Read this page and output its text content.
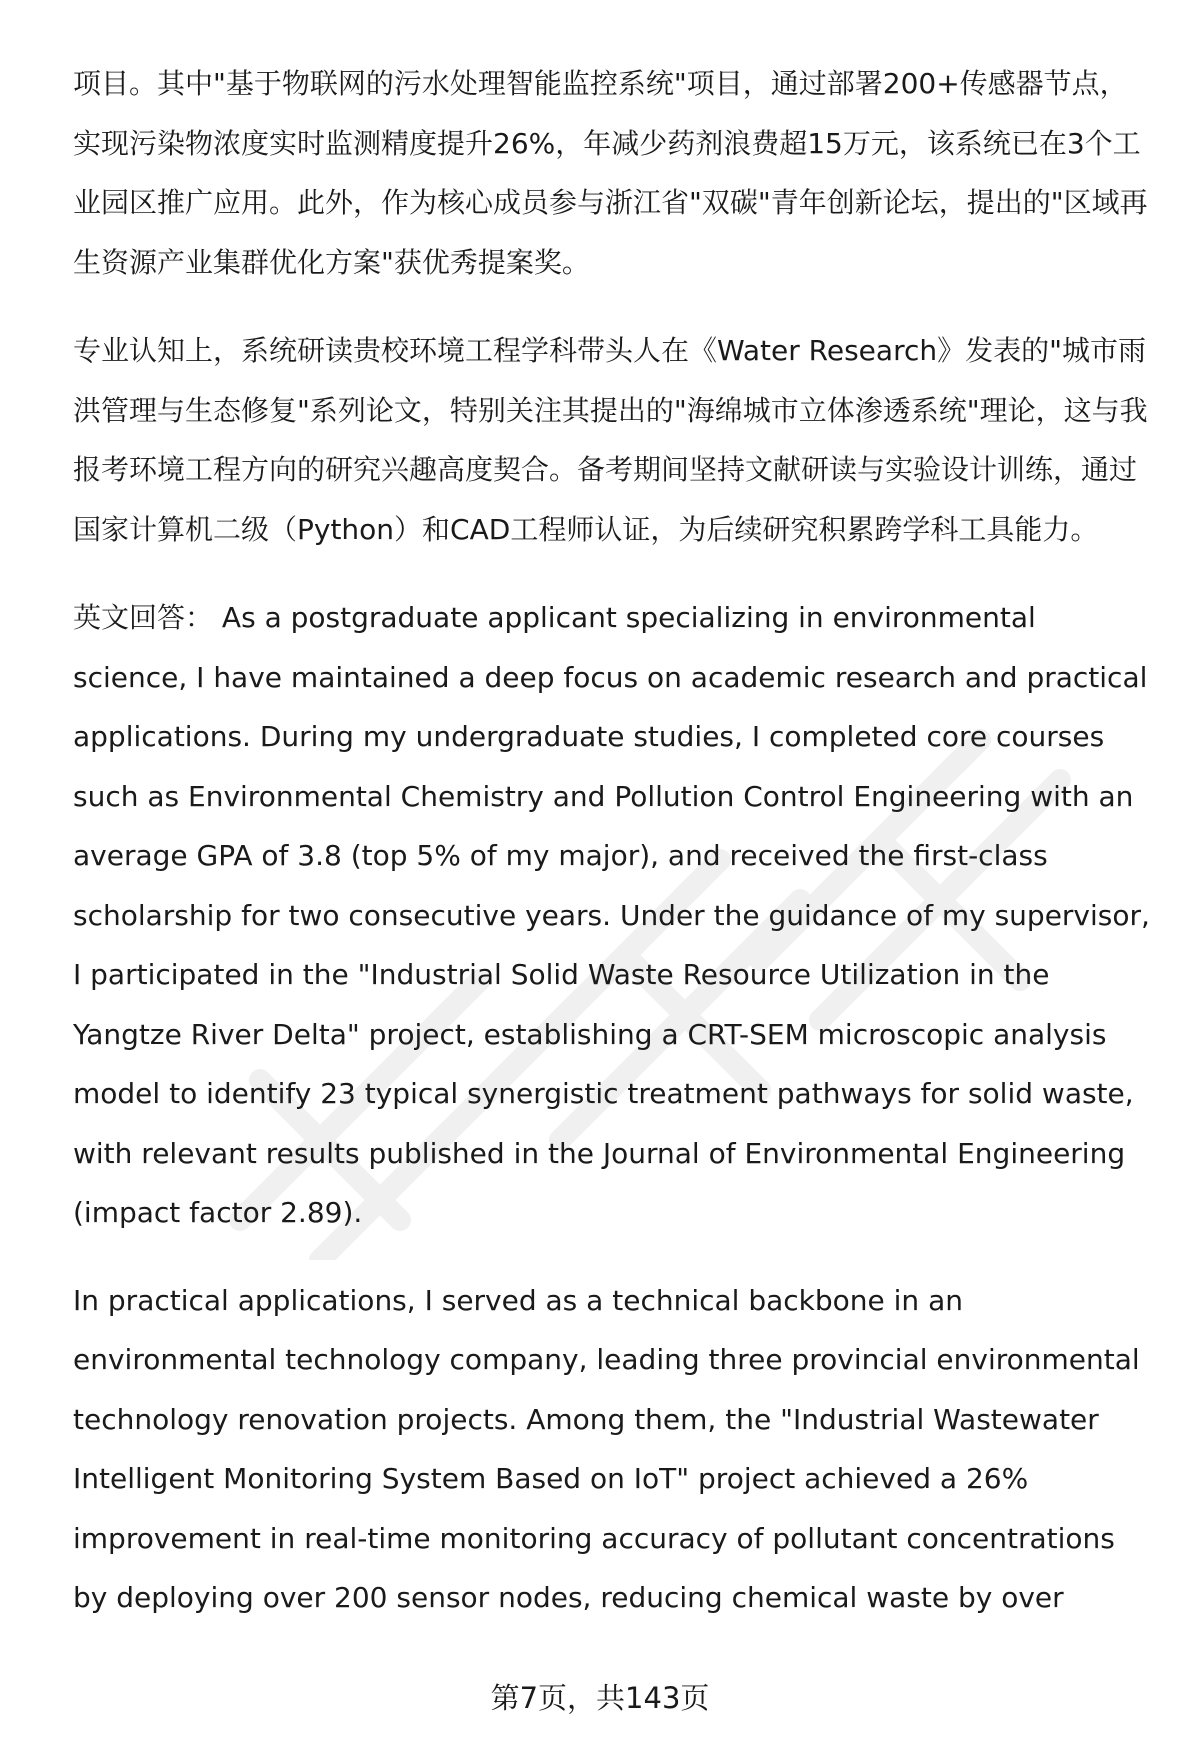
项目。其中"基于物联网的污水处理智能监控系统"项目，通过部署200+传感器节点，实现污染物浓度实时监测精度提升26%，年减少药剂浪费超15万元，该系统已在3个工业园区推广应用。此外，作为核心成员参与浙江省"双碳"青年创新论坛，提出的"区域再生资源产业集群优化方案"获优秀提案奖。

专业认知上，系统研读贵校环境工程学科带头人在《Water Research》发表的"城市雨洪管理与生态修复"系列论文，特别关注其提出的"海绵城市立体渗透系统"理论，这与我报考环境工程方向的研究兴趣高度契合。备考期间坚持文献研读与实验设计训练，通过国家计算机二级（Python）和CAD工程师认证，为后续研究积累跨学科工具能力。

英文回答： As a postgraduate applicant specializing in environmental science, I have maintained a deep focus on academic research and practical applications. During my undergraduate studies, I completed core courses such as Environmental Chemistry and Pollution Control Engineering with an average GPA of 3.8 (top 5% of my major), and received the first-class scholarship for two consecutive years. Under the guidance of my supervisor, I participated in the "Industrial Solid Waste Resource Utilization in the Yangtze River Delta" project, establishing a CRT-SEM microscopic analysis model to identify 23 typical synergistic treatment pathways for solid waste, with relevant results published in the Journal of Environmental Engineering (impact factor 2.89).

In practical applications, I served as a technical backbone in an environmental technology company, leading three provincial environmental technology renovation projects. Among them, the "Industrial Wastewater Intelligent Monitoring System Based on IoT" project achieved a 26% improvement in real-time monitoring accuracy of pollutant concentrations by deploying over 200 sensor nodes, reducing chemical waste by over

第7页，共143页
